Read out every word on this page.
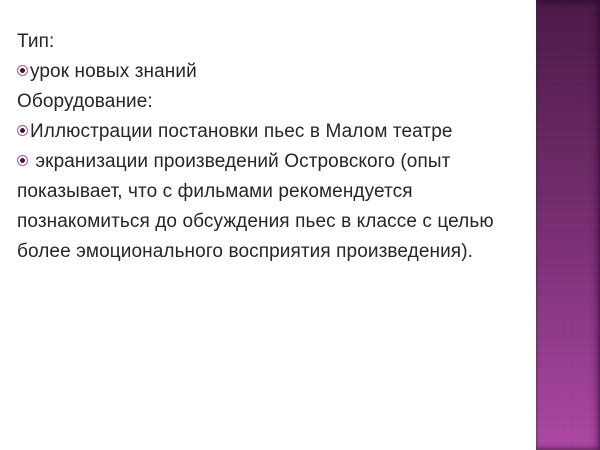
Тип:
урок новых знаний
Оборудование:
Иллюстрации постановки пьес в Малом театре
экранизации произведений Островского (опыт показывает, что с фильмами рекомендуется познакомиться до обсуждения пьес в классе с целью более эмоционального восприятия произведения).
